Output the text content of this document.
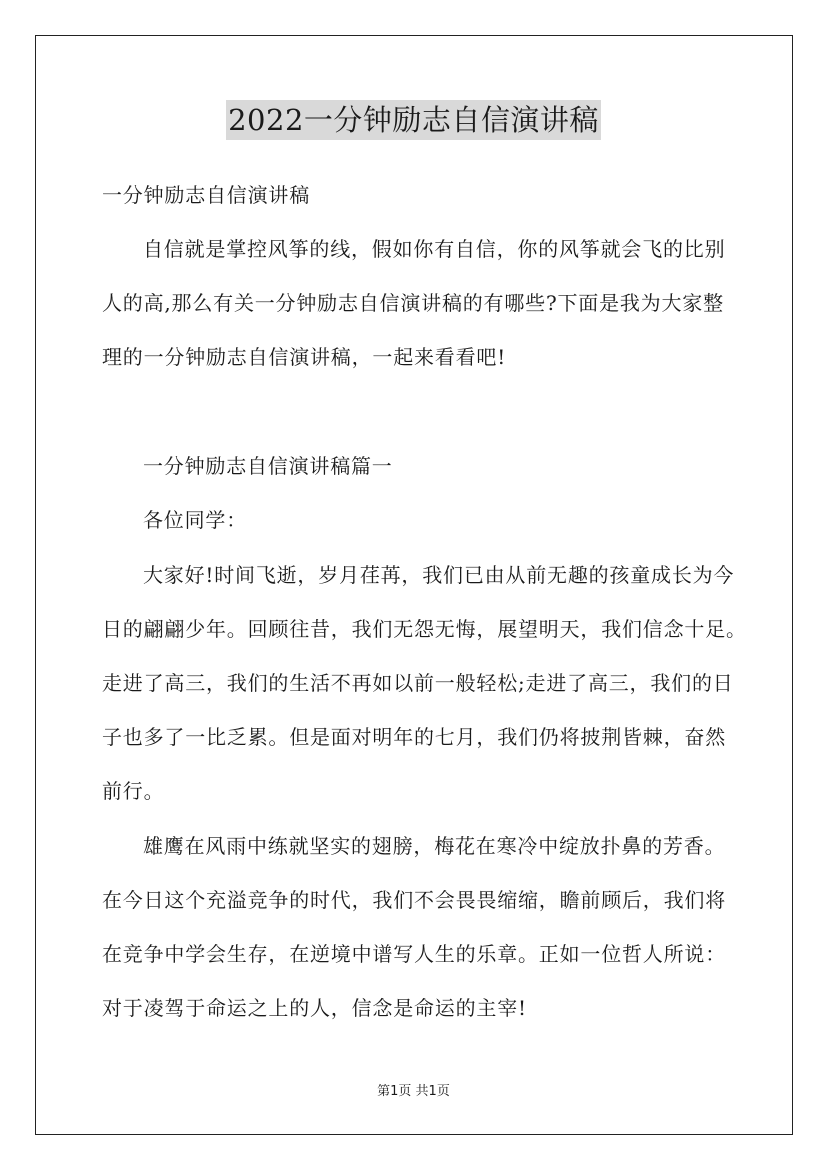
2022一分钟励志自信演讲稿
一分钟励志自信演讲稿
自信就是掌控风筝的线，假如你有自信，你的风筝就会飞的比别
人的高,那么有关一分钟励志自信演讲稿的有哪些?下面是我为大家整
理的一分钟励志自信演讲稿，一起来看看吧!
一分钟励志自信演讲稿篇一
各位同学：
大家好!时间飞逝，岁月荏苒，我们已由从前无趣的孩童成长为今
日的翩翩少年。回顾往昔，我们无怨无悔，展望明天，我们信念十足。
走进了高三，我们的生活不再如以前一般轻松;走进了高三，我们的日
子也多了一比乏累。但是面对明年的七月，我们仍将披荆皆棘，奋然
前行。
雄鹰在风雨中练就坚实的翅膀，梅花在寒冷中绽放扑鼻的芳香。
在今日这个充溢竞争的时代，我们不会畏畏缩缩，瞻前顾后，我们将
在竞争中学会生存，在逆境中谱写人生的乐章。正如一位哲人所说：
对于凌驾于命运之上的人，信念是命运的主宰!
第1页 共1页
